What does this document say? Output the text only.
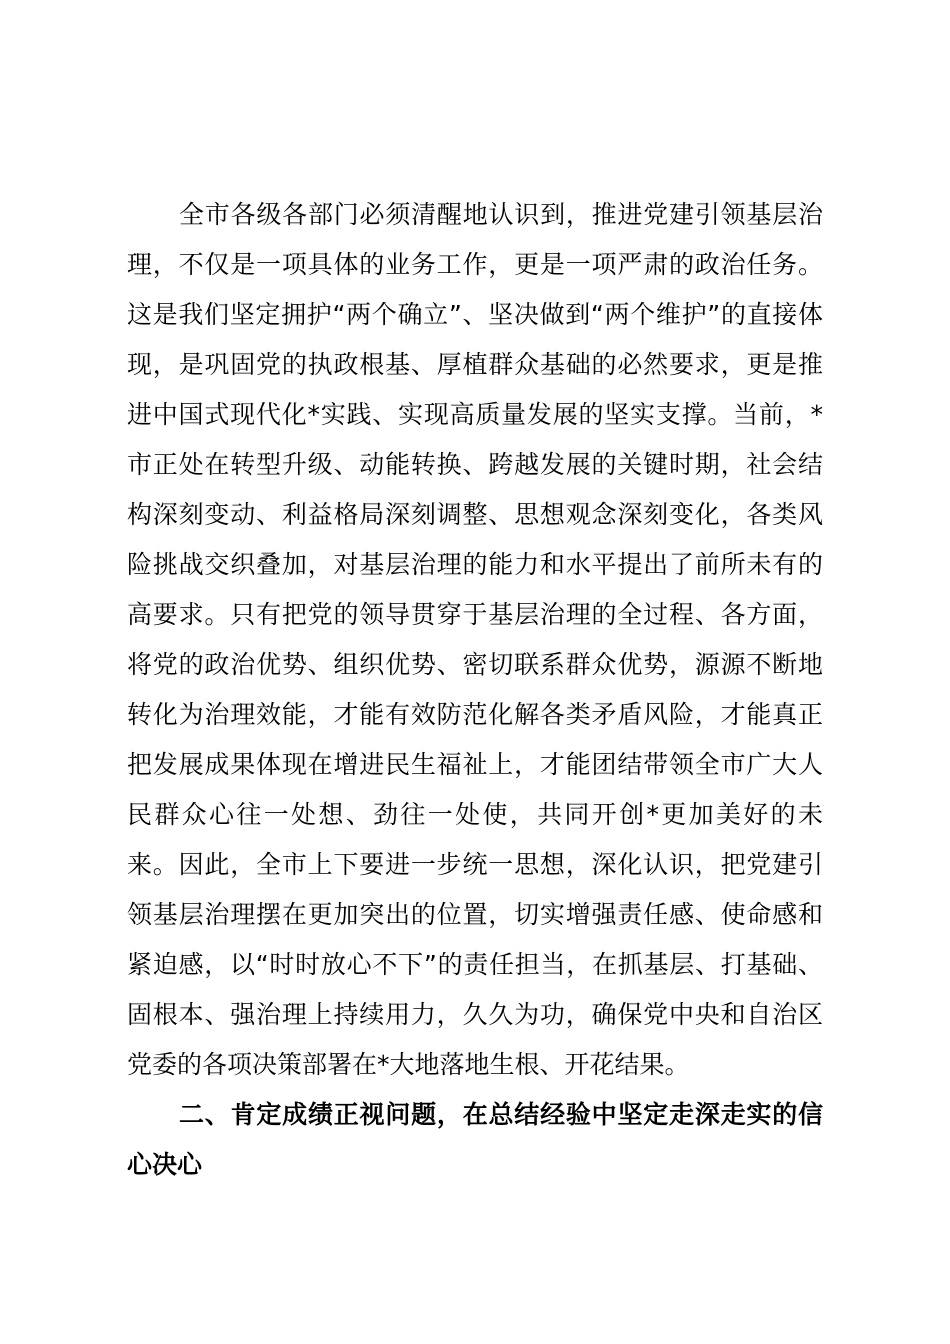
全市各级各部门必须清醒地认识到，推进党建引领基层治
理，不仅是一项具体的业务工作，更是一项严肃的政治任务。
这是我们坚定拥护“两个确立”、坚决做到“两个维护”的直接体
现，是巩固党的执政根基、厚植群众基础的必然要求，更是推
进中国式现代化*实践、实现高质量发展的坚实支撑。当前，*
市正处在转型升级、动能转换、跨越发展的关键时期，社会结
构深刻变动、利益格局深刻调整、思想观念深刻变化，各类风
险挑战交织叠加，对基层治理的能力和水平提出了前所未有的
高要求。只有把党的领导贯穿于基层治理的全过程、各方面，
将党的政治优势、组织优势、密切联系群众优势，源源不断地
转化为治理效能，才能有效防范化解各类矛盾风险，才能真正
把发展成果体现在增进民生福祉上，才能团结带领全市广大人
民群众心往一处想、劲往一处使，共同开创*更加美好的未
来。因此，全市上下要进一步统一思想，深化认识，把党建引
领基层治理摆在更加突出的位置，切实增强责任感、使命感和
紧迫感，以“时时放心不下”的责任担当，在抓基层、打基础、
固根本、强治理上持续用力，久久为功，确保党中央和自治区
党委的各项决策部署在*大地落地生根、开花结果。
二、肯定成绩正视问题，在总结经验中坚定走深走实的信
心决心
